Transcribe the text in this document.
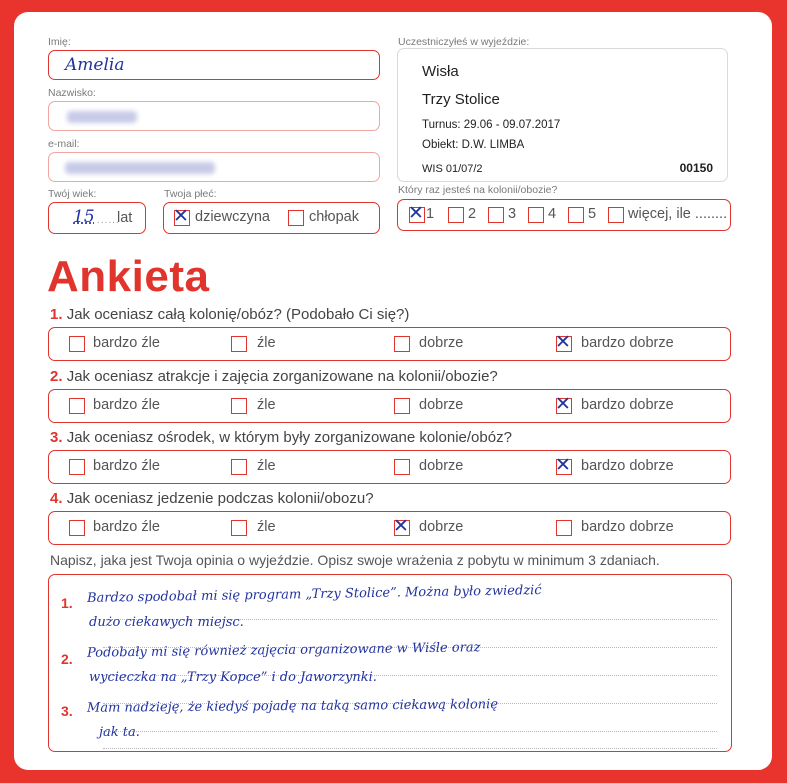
Imię:
Amelia
Nazwisko:
e-mail:
Twój wiek:
15 ......
lat
Twoja płeć:
✕ dziewczyna	chłopak
Uczestniczyłeś w wyjeździe:
Wisła
Trzy Stolice
Turnus: 29.06 - 09.07.2017
Obiekt: D.W. LIMBA
WIS 01/07/2	00150
Który raz jesteś na kolonii/obozie?
✕ 1 2 3 4 5 więcej, ile ........
Ankieta
1. Jak oceniasz całą kolonię/obóz? (Podobało Ci się?)
bardzo źle	źle	dobrze	✕ bardzo dobrze
2. Jak oceniasz atrakcje i zajęcia zorganizowane na kolonii/obozie?
bardzo źle	źle	dobrze	✕ bardzo dobrze
3. Jak oceniasz ośrodek, w którym były zorganizowane kolonie/obóz?
bardzo źle	źle	dobrze	✕ bardzo dobrze
4. Jak oceniasz jedzenie podczas kolonii/obozu?
bardzo źle	źle	✕ dobrze	bardzo dobrze
Napisz, jaka jest Twoja opinia o wyjeździe. Opisz swoje wrażenia z pobytu w minimum 3 zdaniach.
1.
2.
3.
Bardzo spodobał mi się program „Trzy Stolice”. Można było zwiedzić
dużo ciekawych miejsc.
Podobały mi się również zajęcia organizowane w Wiśle oraz
wycieczka na „Trzy Kopce” i do Jaworzynki.
Mam nadzieję, że kiedyś pojadę na taką samo ciekawą kolonię
jak ta.
